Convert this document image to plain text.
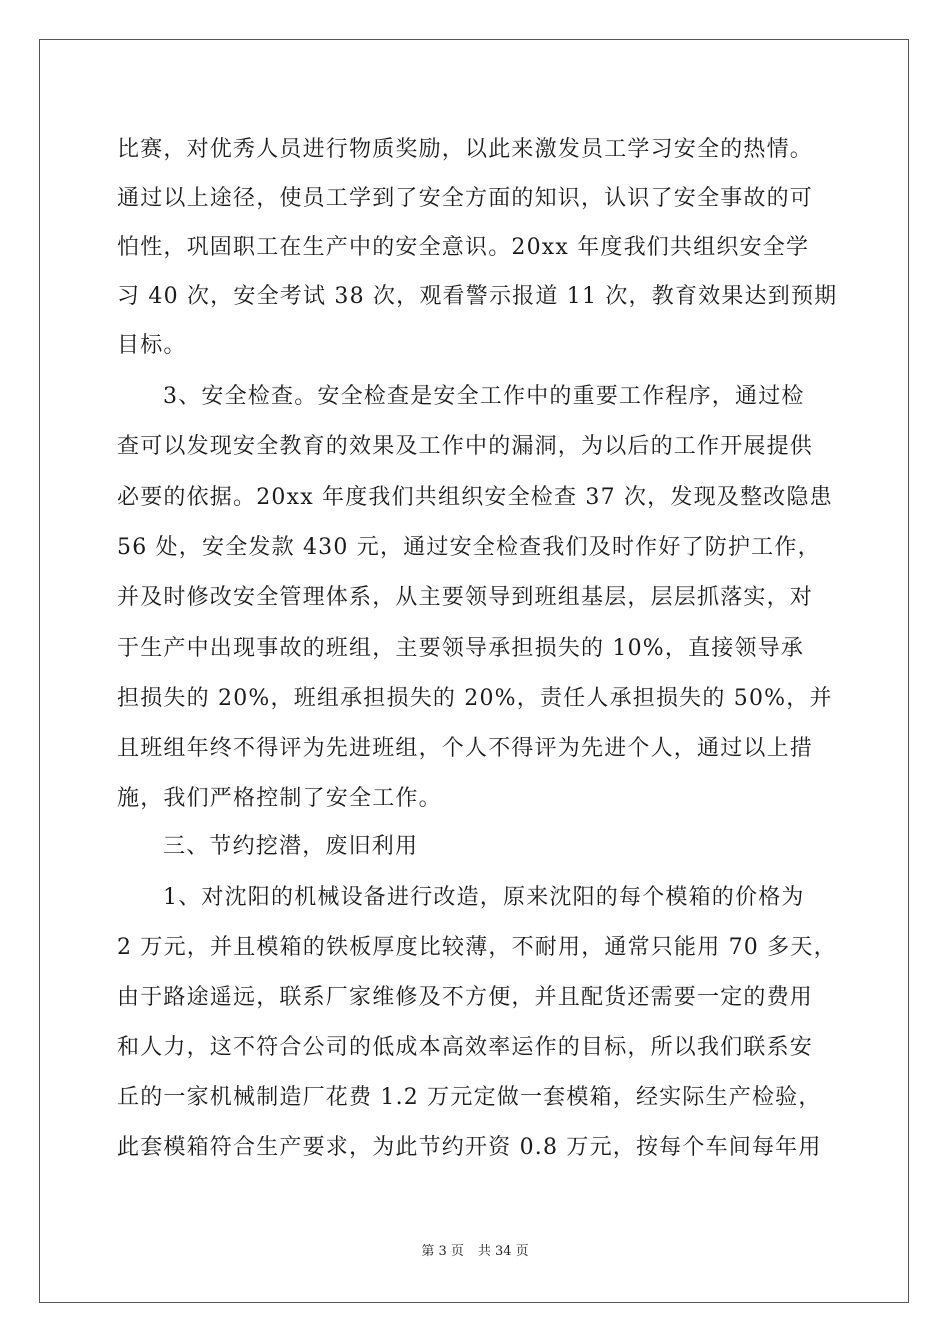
比赛，对优秀人员进行物质奖励，以此来激发员工学习安全的热情。
通过以上途径，使员工学到了安全方面的知识，认识了安全事故的可
怕性，巩固职工在生产中的安全意识。20xx 年度我们共组织安全学
习 40 次，安全考试 38 次，观看警示报道 11 次，教育效果达到预期
目标。
3、安全检查。安全检查是安全工作中的重要工作程序，通过检
查可以发现安全教育的效果及工作中的漏洞，为以后的工作开展提供
必要的依据。20xx 年度我们共组织安全检查 37 次，发现及整改隐患
56 处，安全发款 430 元，通过安全检查我们及时作好了防护工作，
并及时修改安全管理体系，从主要领导到班组基层，层层抓落实，对
于生产中出现事故的班组，主要领导承担损失的 10%，直接领导承
担损失的 20%，班组承担损失的 20%，责任人承担损失的 50%，并
且班组年终不得评为先进班组，个人不得评为先进个人，通过以上措
施，我们严格控制了安全工作。
三、节约挖潜，废旧利用
1、对沈阳的机械设备进行改造，原来沈阳的每个模箱的价格为
2 万元，并且模箱的铁板厚度比较薄，不耐用，通常只能用 70 多天，
由于路途遥远，联系厂家维修及不方便，并且配货还需要一定的费用
和人力，这不符合公司的低成本高效率运作的目标，所以我们联系安
丘的一家机械制造厂花费 1.2 万元定做一套模箱，经实际生产检验，
此套模箱符合生产要求，为此节约开资 0.8 万元，按每个车间每年用
第 3 页 共 34 页
